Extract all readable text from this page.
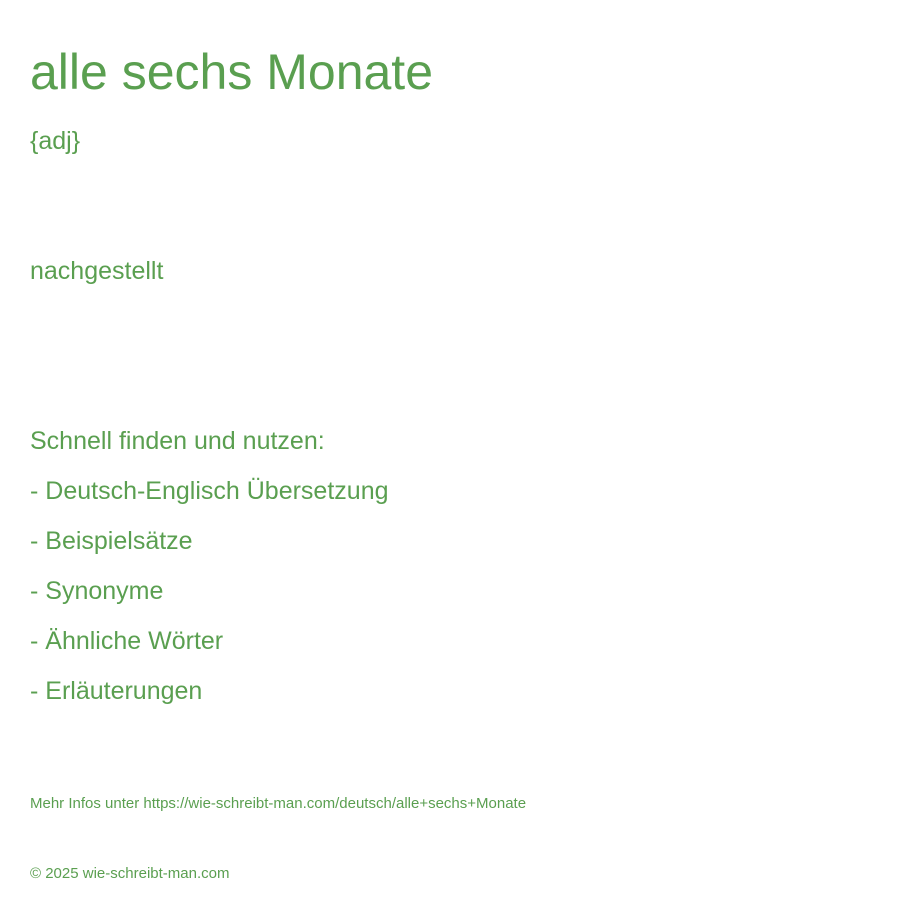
alle sechs Monate
{adj}
nachgestellt
Schnell finden und nutzen:
- Deutsch-Englisch Übersetzung
- Beispielsätze
- Synonyme
- Ähnliche Wörter
- Erläuterungen
Mehr Infos unter https://wie-schreibt-man.com/deutsch/alle+sechs+Monate
© 2025 wie-schreibt-man.com
